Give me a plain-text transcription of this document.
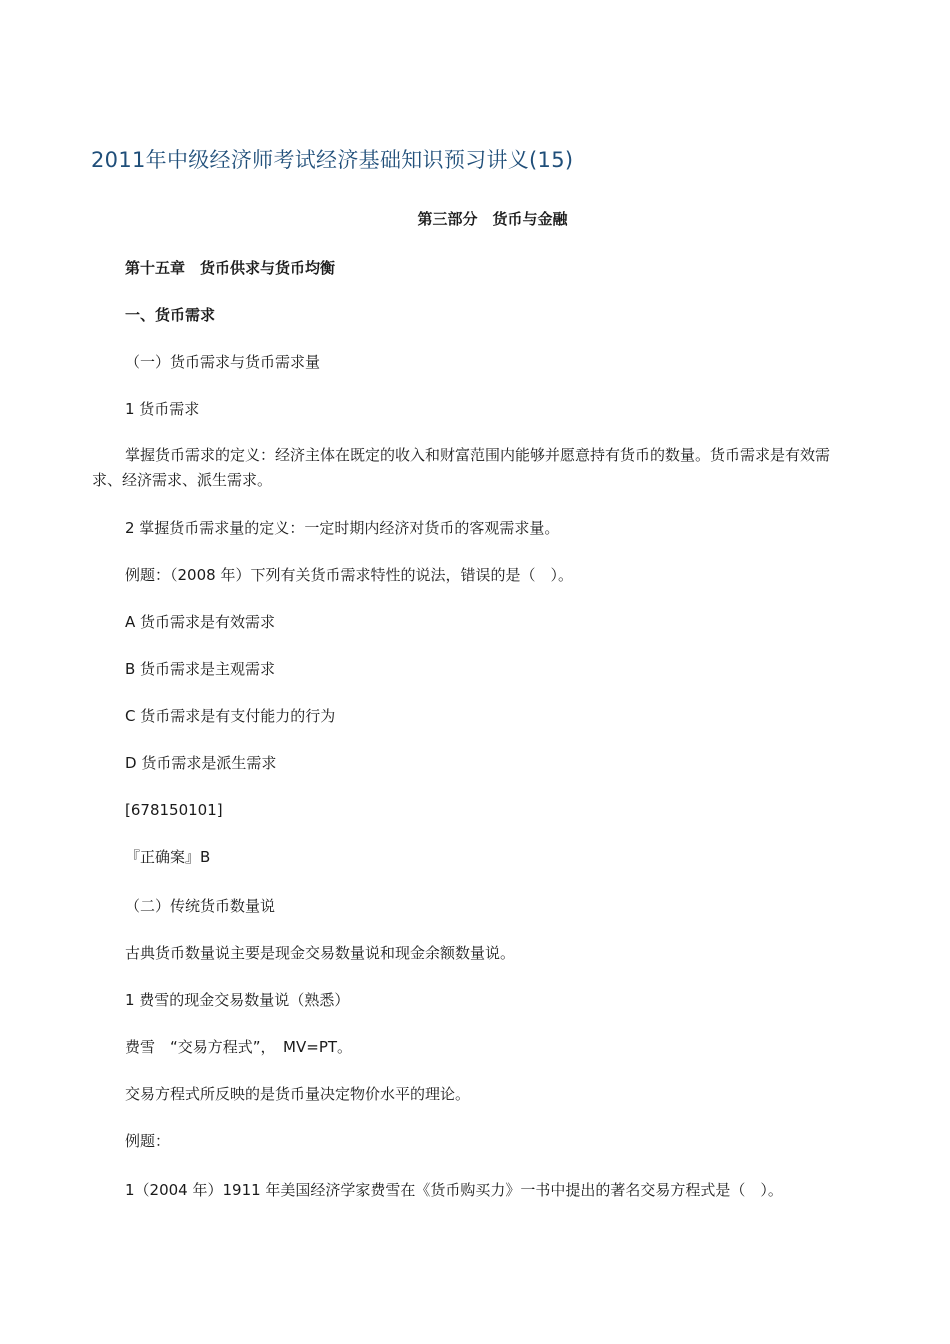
2011年中级经济师考试经济基础知识预习讲义(15)
第三部分　货币与金融
第十五章　货币供求与货币均衡
一、货币需求
（一）货币需求与货币需求量
1 货币需求
掌握货币需求的定义：经济主体在既定的收入和财富范围内能够并愿意持有货币的数量。货币需求是有效需求、经济需求、派生需求。
2 掌握货币需求量的定义：一定时期内经济对货币的客观需求量。
例题：（2008 年）下列有关货币需求特性的说法，错误的是（　）。
A 货币需求是有效需求
B 货币需求是主观需求
C 货币需求是有支付能力的行为
D 货币需求是派生需求
[678150101]
『正确案』B
（二）传统货币数量说
古典货币数量说主要是现金交易数量说和现金余额数量说。
1 费雪的现金交易数量说（熟悉）
费雪　“交易方程式”，　MV=PT。
交易方程式所反映的是货币量决定物价水平的理论。
例题：
1（2004 年）1911 年美国经济学家费雪在《货币购买力》一书中提出的著名交易方程式是（　）。
